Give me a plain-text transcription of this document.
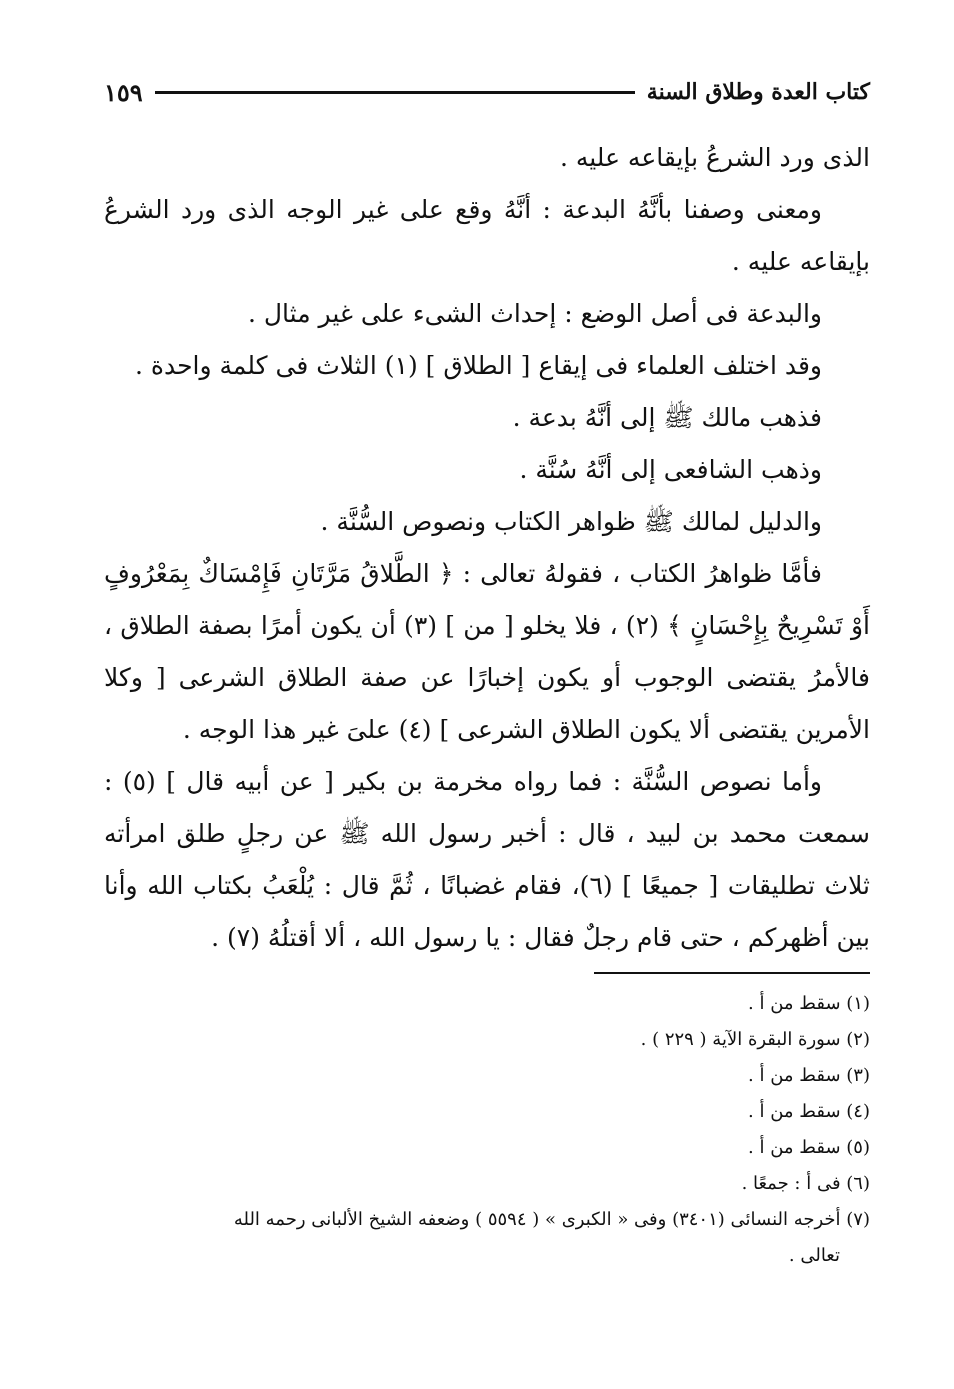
كتاب العدة وطلاق السنة
١٥٩

الذى ورد الشرعُ بإيقاعه عليه .

ومعنى وصفنا بأنَّهُ البدعة : أنَّهُ وقع على غير الوجه الذى ورد الشرعُ بإيقاعه عليه .

والبدعة فى أصل الوضع : إحداث الشىء على غير مثال .

وقد اختلف العلماء فى إيقاع [ الطلاق ] (١) الثلاث فى كلمة واحدة .

فذهب مالك ﷺ إلى أنَّهُ بدعة .

وذهب الشافعى إلى أنَّهُ سُنَّة .

والدليل لمالك ﷺ ظواهر الكتاب ونصوص السُّنَّة .

فأمَّا ظواهرُ الكتاب ، فقولهُ تعالى : ﴿ الطَّلاقُ مَرَّتَانِ فَإِمْسَاكٌ بِمَعْرُوفٍ أَوْ تَسْرِيحٌ بِإِحْسَانٍ ﴾ (٢) ، فلا يخلو [ من ] (٣) أن يكون أمرًا بصفة الطلاق ، فالأمرُ يقتضى الوجوب أو يكون إخبارًا عن صفة الطلاق الشرعى [ وكلا الأمرين يقتضى ألا يكون الطلاق الشرعى ] (٤) علىَ غير هذا الوجه .

وأما نصوص السُّنَّة : فما رواه مخرمة بن بكير [ عن أبيه قال ] (٥) : سمعت محمد بن لبيد ، قال : أخبر رسول الله ﷺ عن رجلٍ طلق امرأته ثلاث تطليقات [ جميعًا ] (٦)، فقام غضبانًا ، ثُمَّ قال : يُلْعَبُ بكتاب الله وأنا بين أظهركم ، حتى قام رجلٌ فقال : يا رسول الله ، ألا أقتلُهُ (٧) .

(١) سقط من أ .

(٢) سورة البقرة الآية ( ٢٢٩ ) .

(٣) سقط من أ .

(٤) سقط من أ .

(٥) سقط من أ .

(٦) فى أ : جمعًا .

(٧) أخرجه النسائى (٣٤٠١) وفى « الكبرى » ( ٥٥٩٤ ) وضعفه الشيخ الألبانى رحمه الله

تعالى .
